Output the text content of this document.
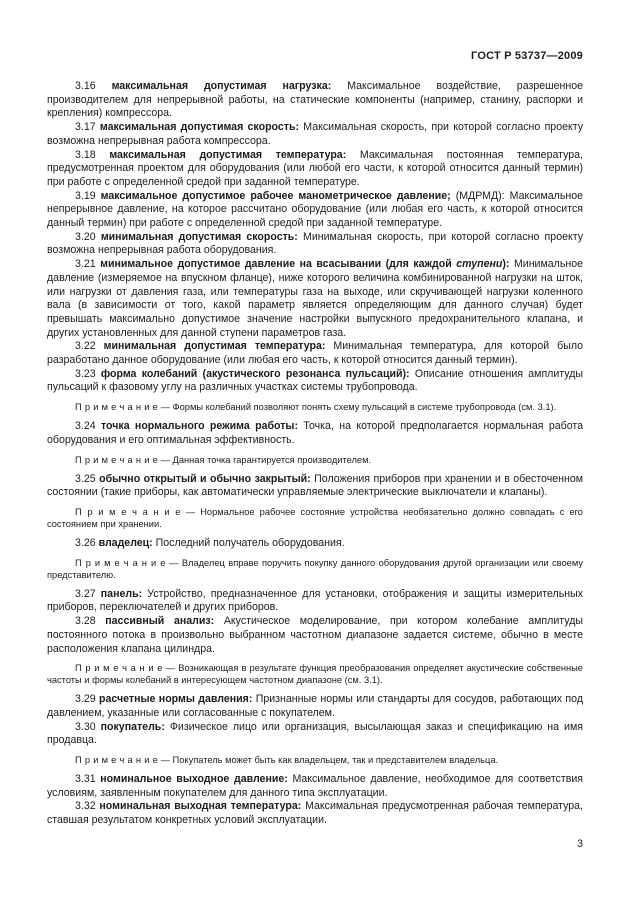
ГОСТ Р 53737—2009

3.16 максимальная допустимая нагрузка: Максимальное воздействие, разрешенное производителем для непрерывной работы, на статические компоненты (например, станину, распорки и крепления) компрессора.

3.17 максимальная допустимая скорость: Максимальная скорость, при которой согласно проекту возможна непрерывная работа компрессора.

3.18 максимальная допустимая температура: Максимальная постоянная температура, предусмотренная проектом для оборудования (или любой его части, к которой относится данный термин) при работе с определенной средой при заданной температуре.

3.19 максимальное допустимое рабочее манометрическое давление; (МДРМД): Максимальное непрерывное давление, на которое рассчитано оборудование (или любая его часть, к которой относится данный термин) при работе с определенной средой при заданной температуре.

3.20 минимальная допустимая скорость: Минимальная скорость, при которой согласно проекту возможна непрерывная работа оборудования.

3.21 минимальное допустимое давление на всасывании (для каждой ступени): Минимальное давление (измеряемое на впускном фланце), ниже которого величина комбинированной нагрузки на шток, или нагрузки от давления газа, или температуры газа на выходе, или скручивающей нагрузки коленного вала (в зависимости от того, какой параметр является определяющим для данного случая) будет превышать максимально допустимое значение настройки выпускного предохранительного клапана, и других установленных для данной ступени параметров газа.

3.22 минимальная допустимая температура: Минимальная температура, для которой было разработано данное оборудование (или любая его часть, к которой относится данный термин).

3.23 форма колебаний (акустического резонанса пульсаций): Описание отношения амплитуды пульсаций к фазовому углу на различных участках системы трубопровода.

П р и м е ч а н и е — Формы колебаний позволяют понять схему пульсаций в системе трубопровода (см. 3.1).

3.24 точка нормального режима работы: Точка, на которой предполагается нормальная работа оборудования и его оптимальная эффективность.

П р и м е ч а н и е — Данная точка гарантируется производителем.

3.25 обычно открытый и обычно закрытый: Положения приборов при хранении и в обесточенном состоянии (такие приборы, как автоматически управляемые электрические выключатели и клапаны).

П р и м е ч а н и е — Нормальное рабочее состояние устройства необязательно должно совпадать с его состоянием при хранении.

3.26 владелец: Последний получатель оборудования.

П р и м е ч а н и е — Владелец вправе поручить покупку данного оборудования другой организации или своему представителю.

3.27 панель: Устройство, предназначенное для установки, отображения и защиты измерительных приборов, переключателей и других приборов.

3.28 пассивный анализ: Акустическое моделирование, при котором колебание амплитуды постоянного потока в произвольно выбранном частотном диапазоне задается системе, обычно в месте расположения клапана цилиндра.

П р и м е ч а н и е — Возникающая в результате функция преобразования определяет акустические собственные частоты и формы колебаний в интересующем частотном диапазоне (см. 3.1).

3.29 расчетные нормы давления: Признанные нормы или стандарты для сосудов, работающих под давлением, указанные или согласованные с покупателем.

3.30 покупатель: Физическое лицо или организация, высылающая заказ и спецификацию на имя продавца.

П р и м е ч а н и е — Покупатель может быть как владельцем, так и представителем владельца.

3.31 номинальное выходное давление: Максимальное давление, необходимое для соответствия условиям, заявленным покупателем для данного типа эксплуатации.

3.32 номинальная выходная температура: Максимальная предусмотренная рабочая температура, ставшая результатом конкретных условий эксплуатации.

3
